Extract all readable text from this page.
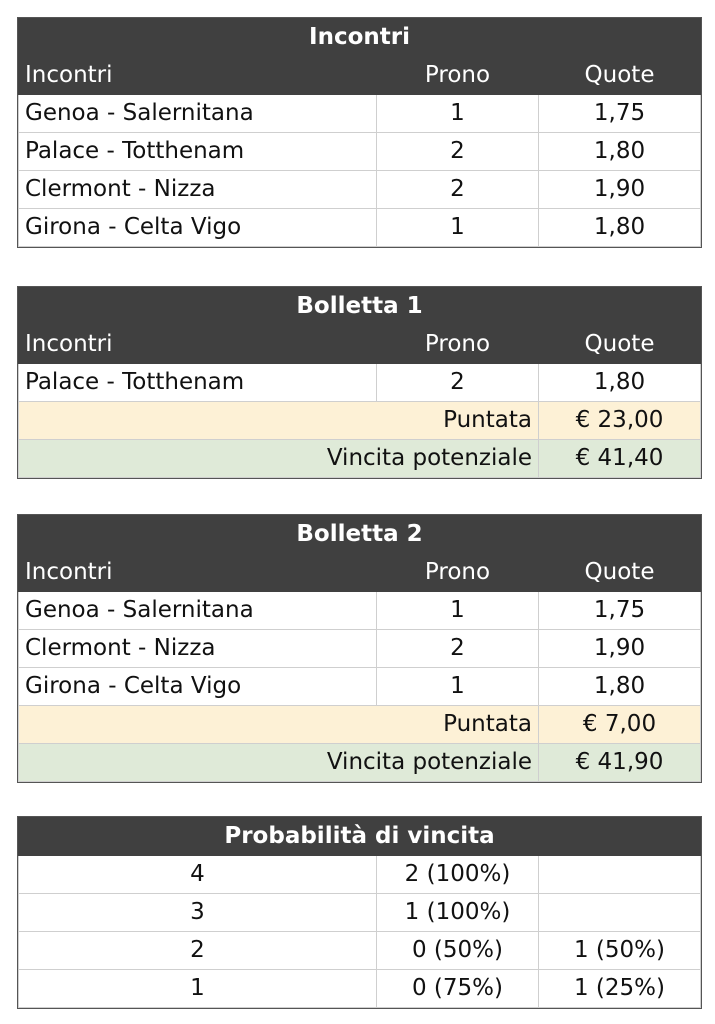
Incontri		
Incontri	Prono	Quote
Genoa - Salernitana	1	1,75
Palace - Totthenam	2	1,80
Clermont - Nizza	2	1,90
Girona - Celta Vigo	1	1,80
Bolletta 1		
Incontri	Prono	Quote
Palace - Totthenam	2	1,80
Puntata		€ 23,00
Vincita potenziale		€ 41,40
Bolletta 2		
Incontri	Prono	Quote
Genoa - Salernitana	1	1,75
Clermont - Nizza	2	1,90
Girona - Celta Vigo	1	1,80
Puntata		€ 7,00
Vincita potenziale		€ 41,90
Probabilità di vincita		
4	2 (100%)	
3	1 (100%)	
2	0 (50%)	1 (50%)
1	0 (75%)	1 (25%)
